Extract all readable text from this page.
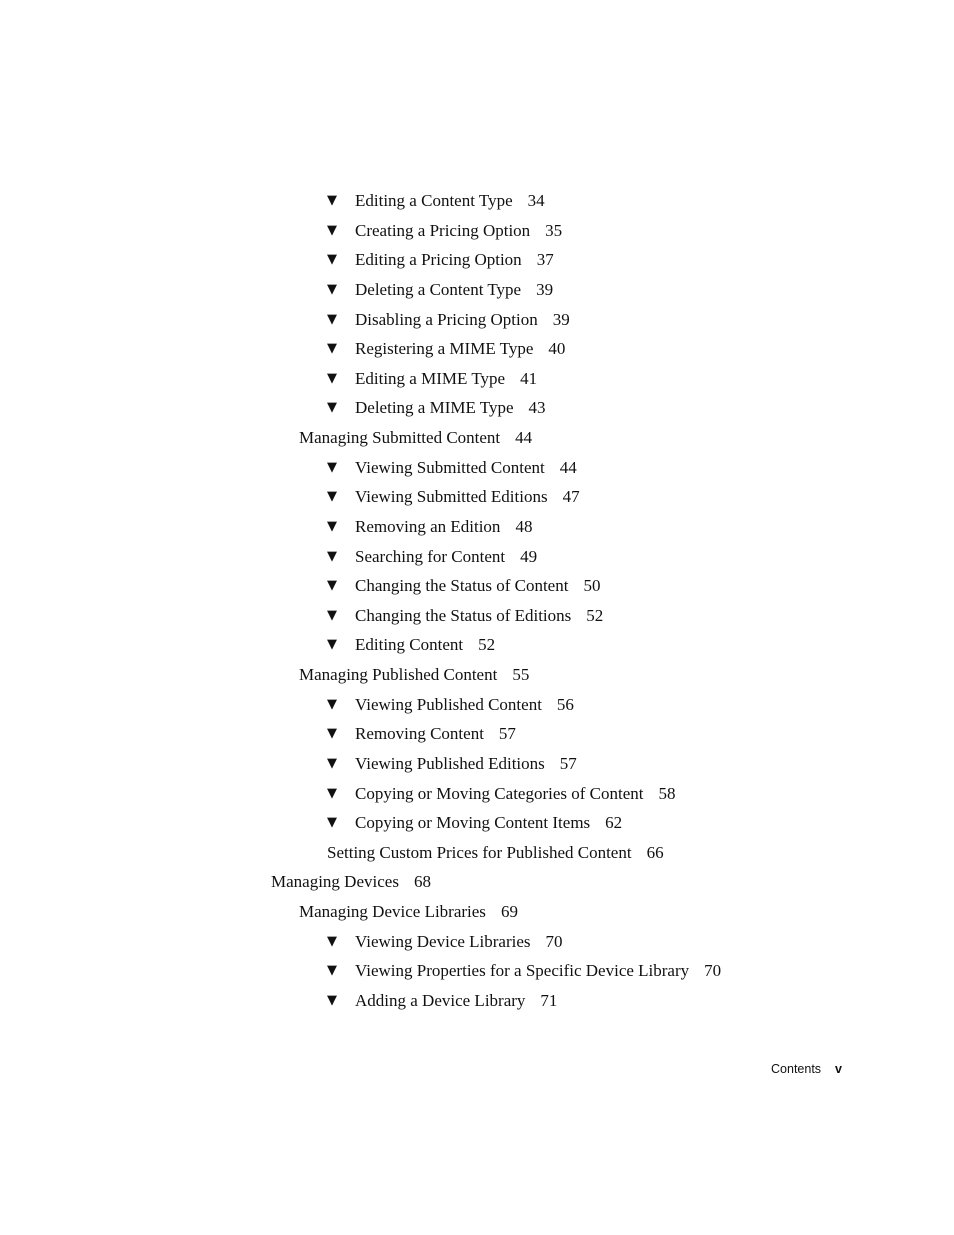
▼ Editing a Content Type 34
▼ Creating a Pricing Option 35
▼ Editing a Pricing Option 37
▼ Deleting a Content Type 39
▼ Disabling a Pricing Option 39
▼ Registering a MIME Type 40
▼ Editing a MIME Type 41
▼ Deleting a MIME Type 43
Managing Submitted Content 44
▼ Viewing Submitted Content 44
▼ Viewing Submitted Editions 47
▼ Removing an Edition 48
▼ Searching for Content 49
▼ Changing the Status of Content 50
▼ Changing the Status of Editions 52
▼ Editing Content 52
Managing Published Content 55
▼ Viewing Published Content 56
▼ Removing Content 57
▼ Viewing Published Editions 57
▼ Copying or Moving Categories of Content 58
▼ Copying or Moving Content Items 62
Setting Custom Prices for Published Content 66
Managing Devices 68
Managing Device Libraries 69
▼ Viewing Device Libraries 70
▼ Viewing Properties for a Specific Device Library 70
▼ Adding a Device Library 71
Contents v
